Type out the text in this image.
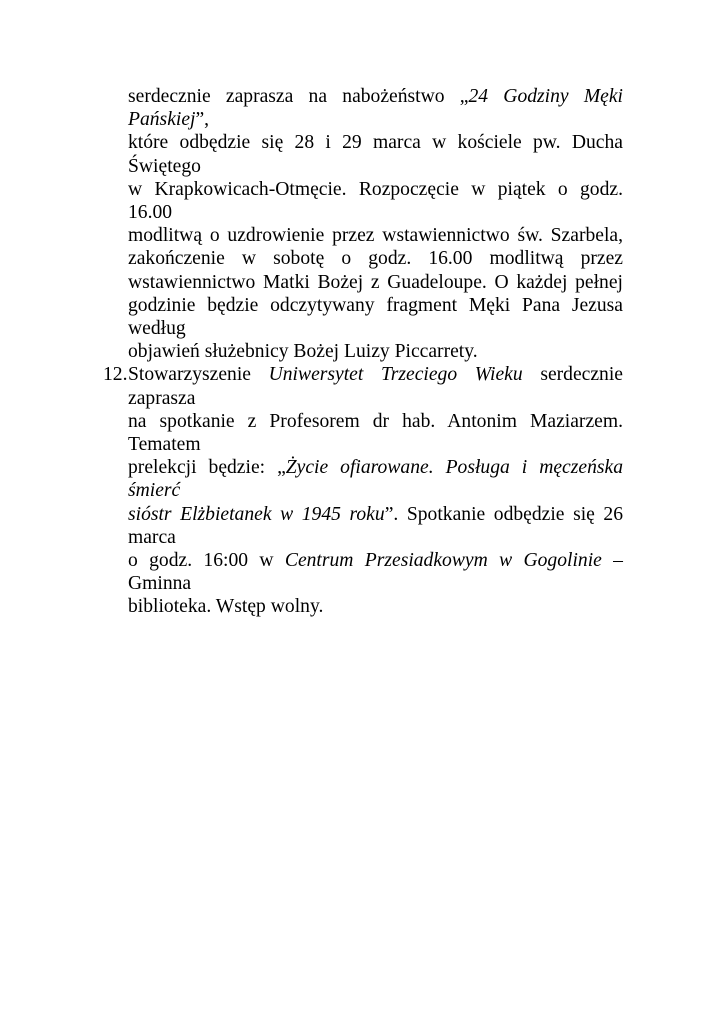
serdecznie zaprasza na nabożeństwo „24 Godziny Męki Pańskiej”,
które odbędzie się 28 i 29 marca w kościele pw. Ducha Świętego
w Krapkowicach-Otmęcie. Rozpoczęcie w piątek o godz. 16.00
modlitwą o uzdrowienie przez wstawiennictwo św. Szarbela,
zakończenie w sobotę o godz. 16.00 modlitwą przez
wstawiennictwo Matki Bożej z Guadeloupe. O każdej pełnej
godzinie będzie odczytywany fragment Męki Pana Jezusa według
objawień służebnicy Bożej Luizy Piccarrety.
12. Stowarzyszenie Uniwersytet Trzeciego Wieku serdecznie zaprasza
na spotkanie z Profesorem dr hab. Antonim Maziarzem. Tematem
prelekcji będzie: „Życie ofiarowane. Posługa i męczeńska śmierć
sióstr Elżbietanek w 1945 roku”. Spotkanie odbędzie się 26 marca
o godz. 16:00 w Centrum Przesiadkowym w Gogolinie – Gminna
biblioteka. Wstęp wolny.
